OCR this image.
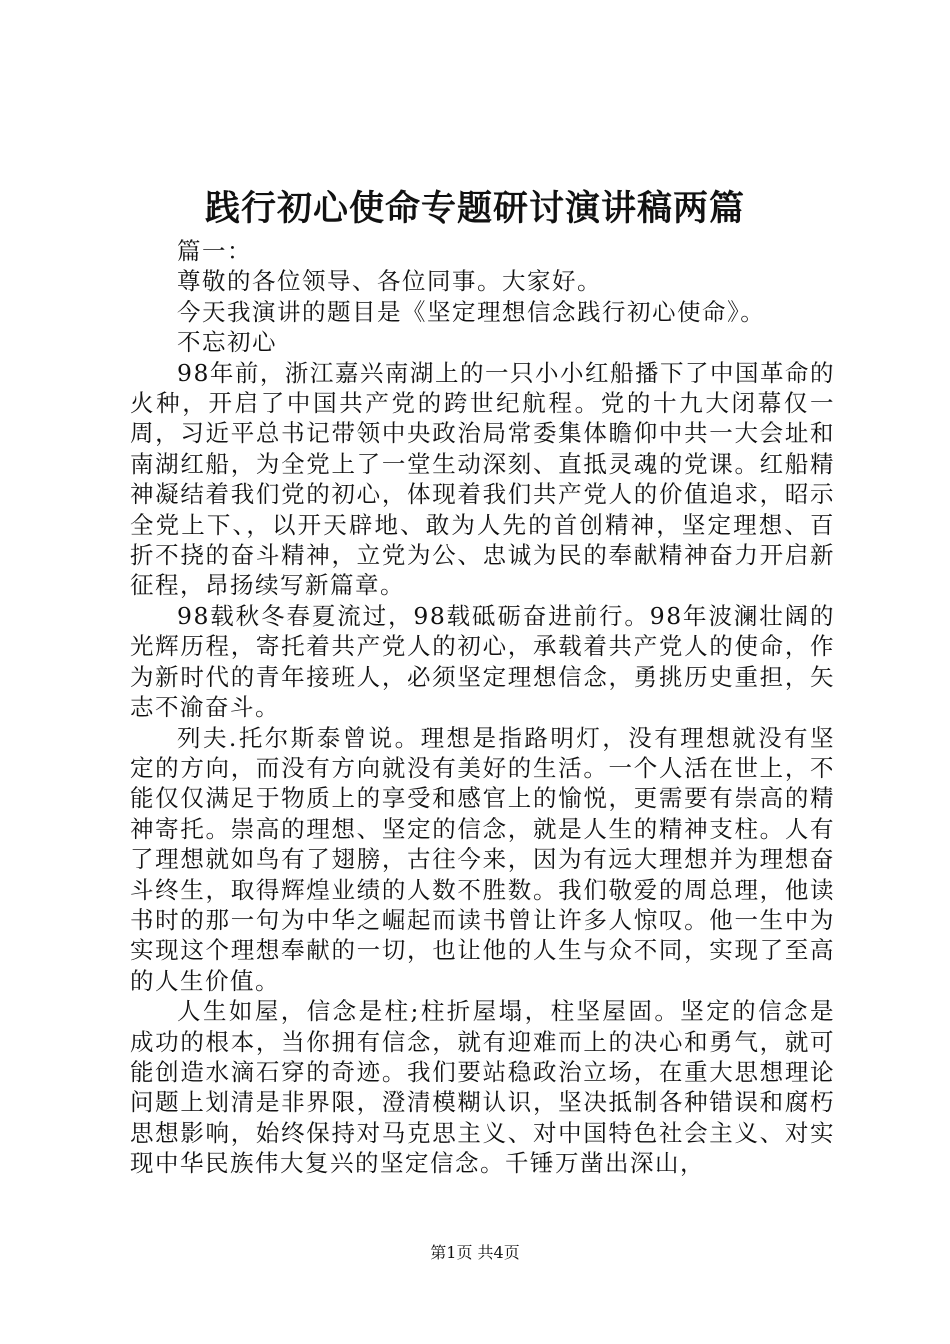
践行初心使命专题研讨演讲稿两篇

篇一：

尊敬的各位领导、各位同事。大家好。

今天我演讲的题目是《坚定理想信念践行初心使命》。

不忘初心

98年前，浙江嘉兴南湖上的一只小小红船播下了中国革命的火种，开启了中国共产党的跨世纪航程。党的十九大闭幕仅一周，习近平总书记带领中央政治局常委集体瞻仰中共一大会址和南湖红船，为全党上了一堂生动深刻、直抵灵魂的党课。红船精神凝结着我们党的初心，体现着我们共产党人的价值追求，昭示全党上下、，以开天辟地、敢为人先的首创精神，坚定理想、百折不挠的奋斗精神，立党为公、忠诚为民的奉献精神奋力开启新征程，昂扬续写新篇章。

98载秋冬春夏流过，98载砥砺奋进前行。98年波澜壮阔的光辉历程，寄托着共产党人的初心，承载着共产党人的使命，作为新时代的青年接班人，必须坚定理想信念，勇挑历史重担，矢志不渝奋斗。

列夫.托尔斯泰曾说。理想是指路明灯，没有理想就没有坚定的方向，而没有方向就没有美好的生活。一个人活在世上，不能仅仅满足于物质上的享受和感官上的愉悦，更需要有崇高的精神寄托。崇高的理想、坚定的信念，就是人生的精神支柱。人有了理想就如鸟有了翅膀，古往今来，因为有远大理想并为理想奋斗终生，取得辉煌业绩的人数不胜数。我们敬爱的周总理，他读书时的那一句为中华之崛起而读书曾让许多人惊叹。他一生中为实现这个理想奉献的一切，也让他的人生与众不同，实现了至高的人生价值。

人生如屋，信念是柱;柱折屋塌，柱坚屋固。坚定的信念是成功的根本，当你拥有信念，就有迎难而上的决心和勇气，就可能创造水滴石穿的奇迹。我们要站稳政治立场，在重大思想理论问题上划清是非界限，澄清模糊认识，坚决抵制各种错误和腐朽思想影响，始终保持对马克思主义、对中国特色社会主义、对实现中华民族伟大复兴的坚定信念。千锤万凿出深山，

第1页 共4页
